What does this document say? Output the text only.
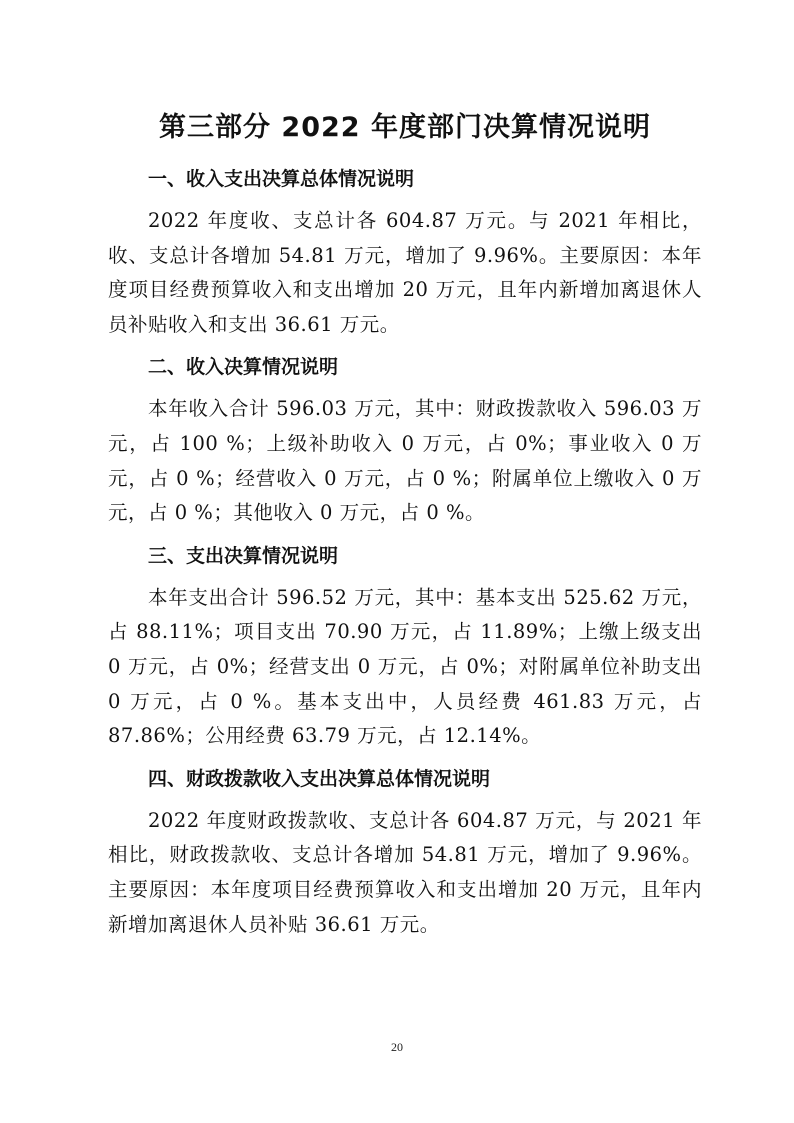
第三部分 2022 年度部门决算情况说明
一、收入支出决算总体情况说明

2022 年度收、支总计各 604.87 万元。与 2021 年相比，收、支总计各增加 54.81 万元，增加了 9.96%。主要原因：本年度项目经费预算收入和支出增加 20 万元，且年内新增加离退休人员补贴收入和支出 36.61 万元。

二、收入决算情况说明

本年收入合计 596.03 万元，其中：财政拨款收入 596.03 万元，占 100 %；上级补助收入 0 万元，占 0%；事业收入 0 万元，占 0 %；经营收入 0 万元，占 0 %；附属单位上缴收入 0 万元，占 0 %；其他收入 0 万元，占 0 %。

三、支出决算情况说明

本年支出合计 596.52 万元，其中：基本支出 525.62 万元，占 88.11%；项目支出 70.90 万元，占 11.89%；上缴上级支出 0 万元，占 0%；经营支出 0 万元，占 0%；对附属单位补助支出 0 万元，占 0 %。基本支出中，人员经费 461.83 万元，占 87.86%；公用经费 63.79 万元，占 12.14%。

四、财政拨款收入支出决算总体情况说明

2022 年度财政拨款收、支总计各 604.87 万元，与 2021 年相比，财政拨款收、支总计各增加 54.81 万元，增加了 9.96%。主要原因：本年度项目经费预算收入和支出增加 20 万元，且年内新增加离退休人员补贴 36.61 万元。

20
